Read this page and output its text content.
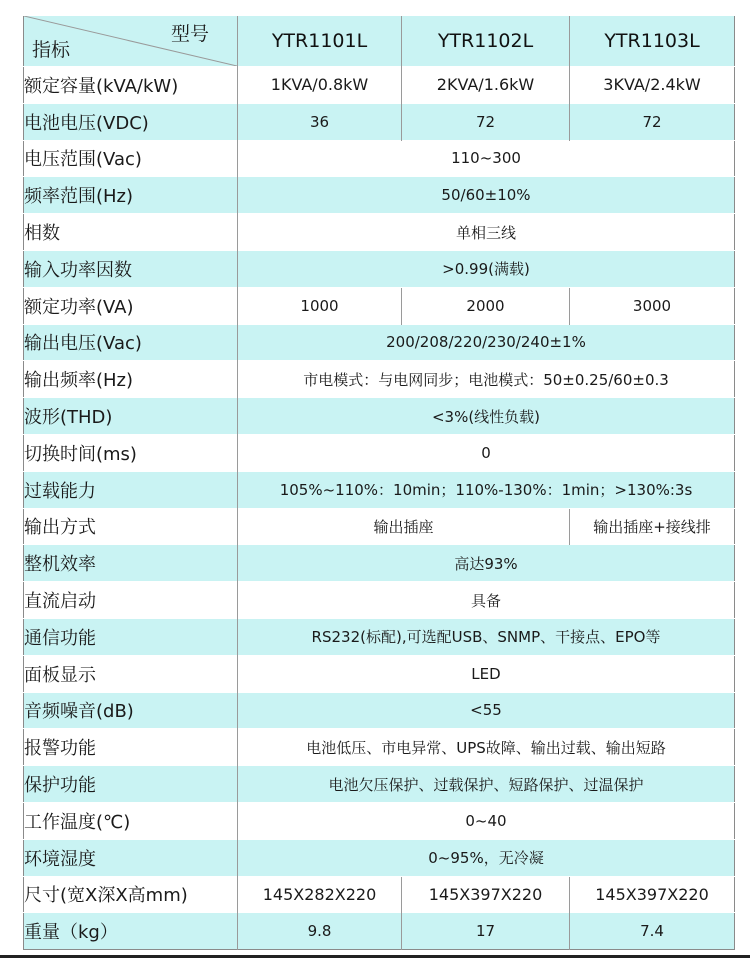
型号
指标	YTR1101L	YTR1102L	YTR1103L
额定容量(kVA/kW)	1KVA/0.8kW	2KVA/1.6kW	3KVA/2.4kW
电池电压(VDC)	36	72	72
电压范围(Vac)	110~300		
频率范围(Hz)	50/60±10%		
相数	单相三线		
输入功率因数	>0.99(满载)		
额定功率(VA)	1000	2000	3000
输出电压(Vac)	200/208/220/230/240±1%		
输出频率(Hz)	市电模式：与电网同步；电池模式：50±0.25/60±0.3		
波形(THD)	<3%(线性负载)		
切换时间(ms)	0		
过载能力	105%~110%：10min；110%-130%：1min；>130%:3s		
输出方式	输出插座		输出插座+接线排
整机效率	高达93%		
直流启动	具备		
通信功能	RS232(标配),可选配USB、SNMP、干接点、EPO等		
面板显示	LED		
音频噪音(dB)	<55		
报警功能	电池低压、市电异常、UPS故障、输出过载、输出短路		
保护功能	电池欠压保护、过载保护、短路保护、过温保护		
工作温度(℃)	0~40		
环境湿度	0~95%，无冷凝		
尺寸(宽X深X高mm)	145X282X220	145X397X220	145X397X220
重量（kg）	9.8	17	7.4
